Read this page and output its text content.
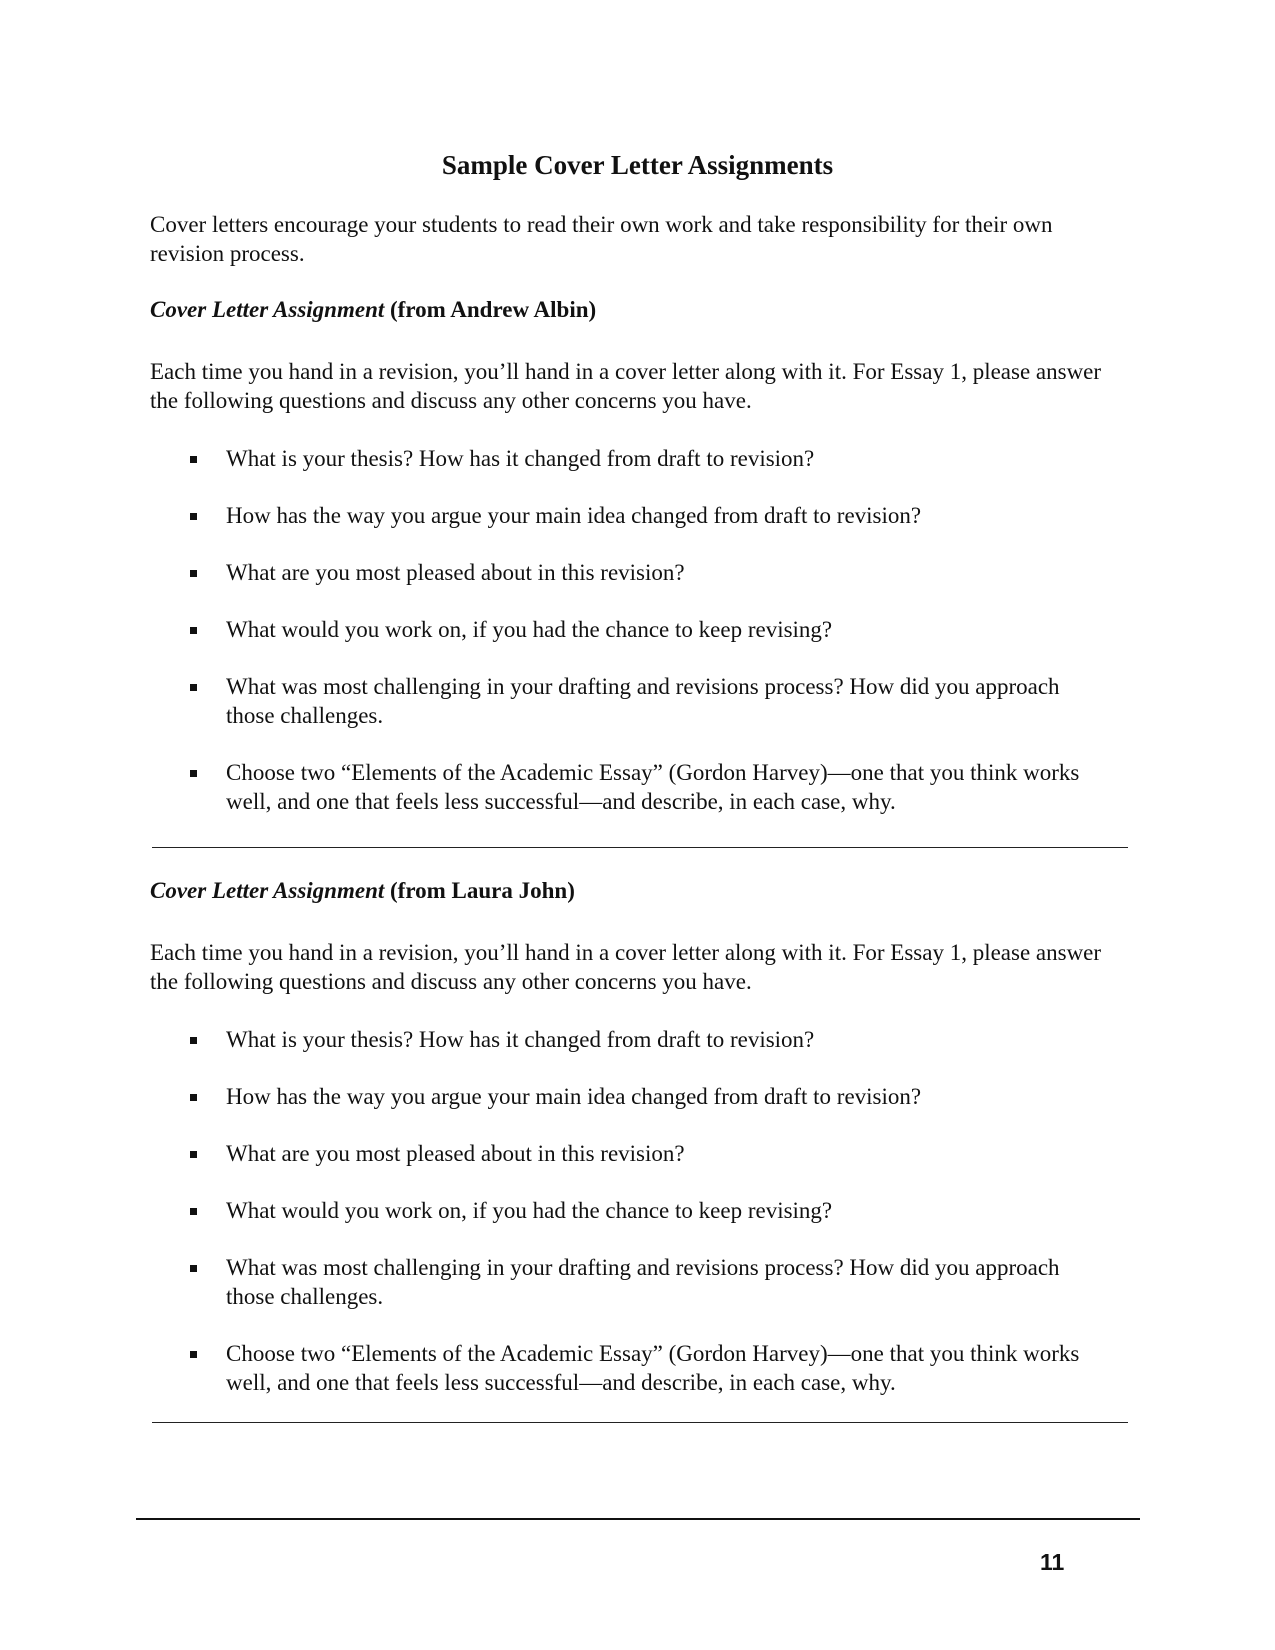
Sample Cover Letter Assignments

Cover letters encourage your students to read their own work and take responsibility for their own revision process.

Cover Letter Assignment (from Andrew Albin)

Each time you hand in a revision, you’ll hand in a cover letter along with it. For Essay 1, please answer the following questions and discuss any other concerns you have.

What is your thesis? How has it changed from draft to revision?
How has the way you argue your main idea changed from draft to revision?
What are you most pleased about in this revision?
What would you work on, if you had the chance to keep revising?
What was most challenging in your drafting and revisions process? How did you approach those challenges.
Choose two “Elements of the Academic Essay” (Gordon Harvey)—one that you think works well, and one that feels less successful—and describe, in each case, why.

Cover Letter Assignment (from Laura John)

Each time you hand in a revision, you’ll hand in a cover letter along with it. For Essay 1, please answer the following questions and discuss any other concerns you have.

What is your thesis? How has it changed from draft to revision?
How has the way you argue your main idea changed from draft to revision?
What are you most pleased about in this revision?
What would you work on, if you had the chance to keep revising?
What was most challenging in your drafting and revisions process? How did you approach those challenges.
Choose two “Elements of the Academic Essay” (Gordon Harvey)—one that you think works well, and one that feels less successful—and describe, in each case, why.
11
